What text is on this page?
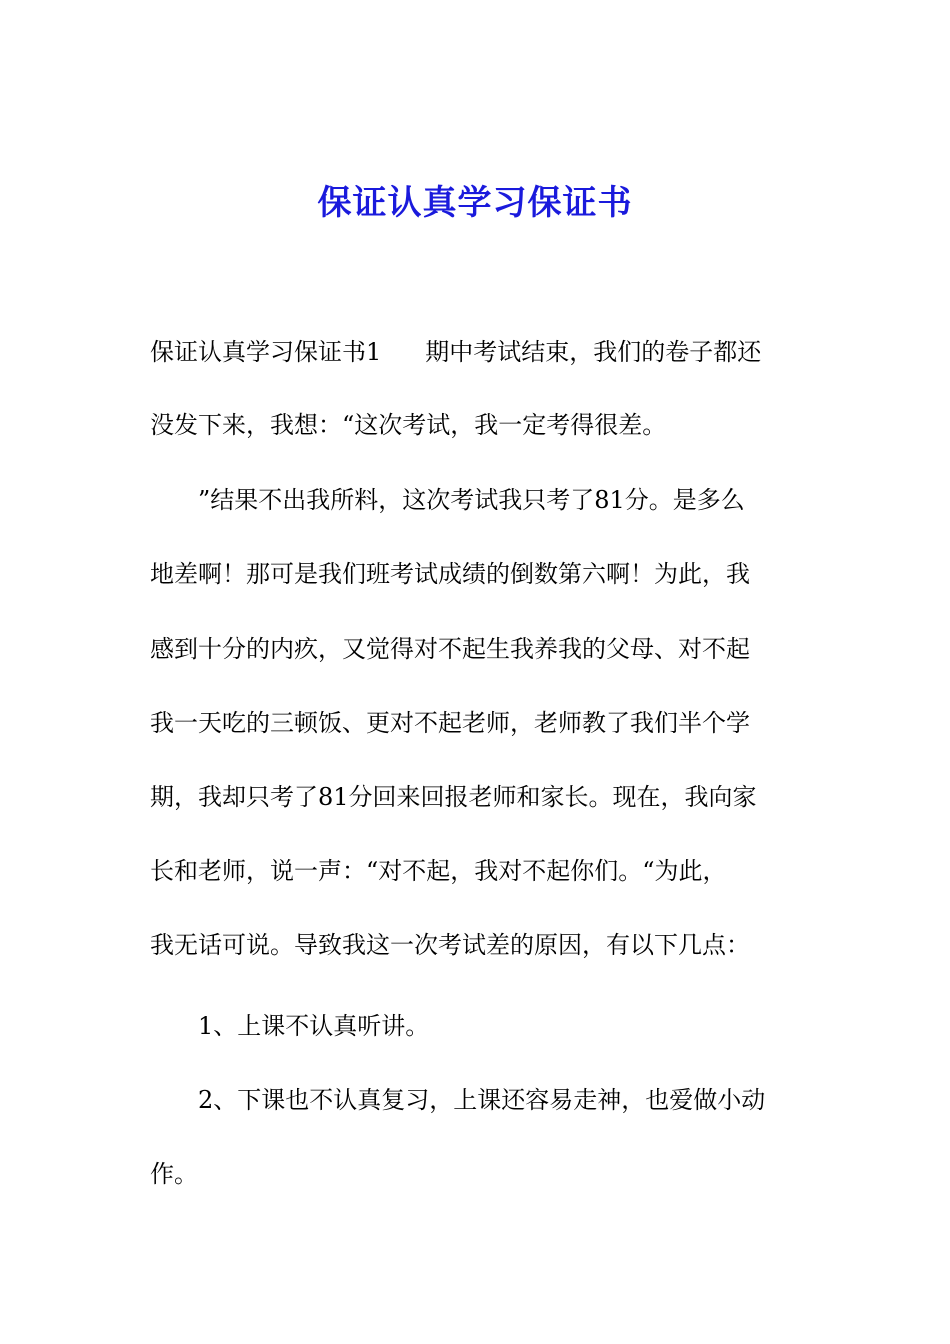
保证认真学习保证书
保证认真学习保证书1 期中考试结束，我们的卷子都还
没发下来，我想：“这次考试，我一定考得很差。
”结果不出我所料，这次考试我只考了81分。是多么
地差啊！那可是我们班考试成绩的倒数第六啊！为此，我
感到十分的内疚，又觉得对不起生我养我的父母、对不起
我一天吃的三顿饭、更对不起老师，老师教了我们半个学
期，我却只考了81分回来回报老师和家长。现在，我向家
长和老师，说一声：“对不起，我对不起你们。“为此，
我无话可说。导致我这一次考试差的原因，有以下几点：
1、上课不认真听讲。
2、下课也不认真复习，上课还容易走神，也爱做小动
作。
